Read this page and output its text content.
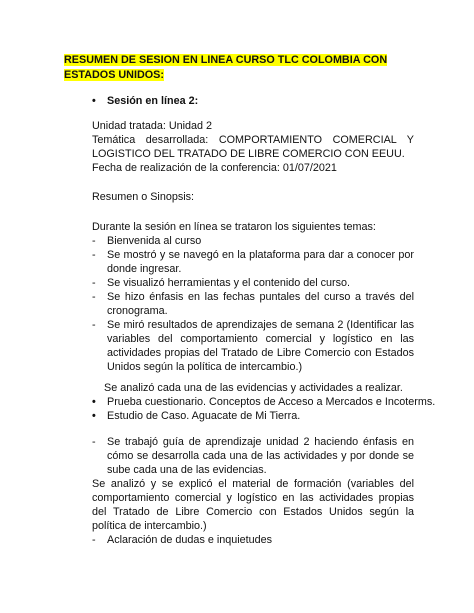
RESUMEN DE SESION EN LINEA CURSO TLC COLOMBIA CON ESTADOS UNIDOS:
•	Sesión en línea 2:
Unidad tratada: Unidad 2
Temática desarrollada: COMPORTAMIENTO COMERCIAL Y LOGISTICO DEL TRATADO DE LIBRE COMERCIO CON EEUU.
Fecha de realización de la conferencia: 01/07/2021
Resumen o Sinopsis:
Durante la sesión en línea se trataron los siguientes temas:
-	Bienvenida al curso
-	Se mostró y se navegó en la plataforma para dar a conocer por donde ingresar.
-	Se visualizó herramientas y el contenido del curso.
-	Se hizo énfasis en las fechas puntales del curso a través del cronograma.
-	Se miró resultados de aprendizajes de semana 2 (Identificar las variables del comportamiento comercial y logístico en las actividades propias del Tratado de Libre Comercio con Estados Unidos según la política de intercambio.)
Se analizó cada una de las evidencias y actividades a realizar.
•	Prueba cuestionario. Conceptos de Acceso a Mercados e Incoterms.
•	Estudio de Caso. Aguacate de Mi Tierra.
-	Se trabajó guía de aprendizaje unidad 2 haciendo énfasis en cómo se desarrolla cada una de las actividades y por donde se sube cada una de las evidencias.
Se analizó y se explicó el material de formación (variables del comportamiento comercial y logístico en las actividades propias del Tratado de Libre Comercio con Estados Unidos según la política de intercambio.)
-	Aclaración de dudas e inquietudes
